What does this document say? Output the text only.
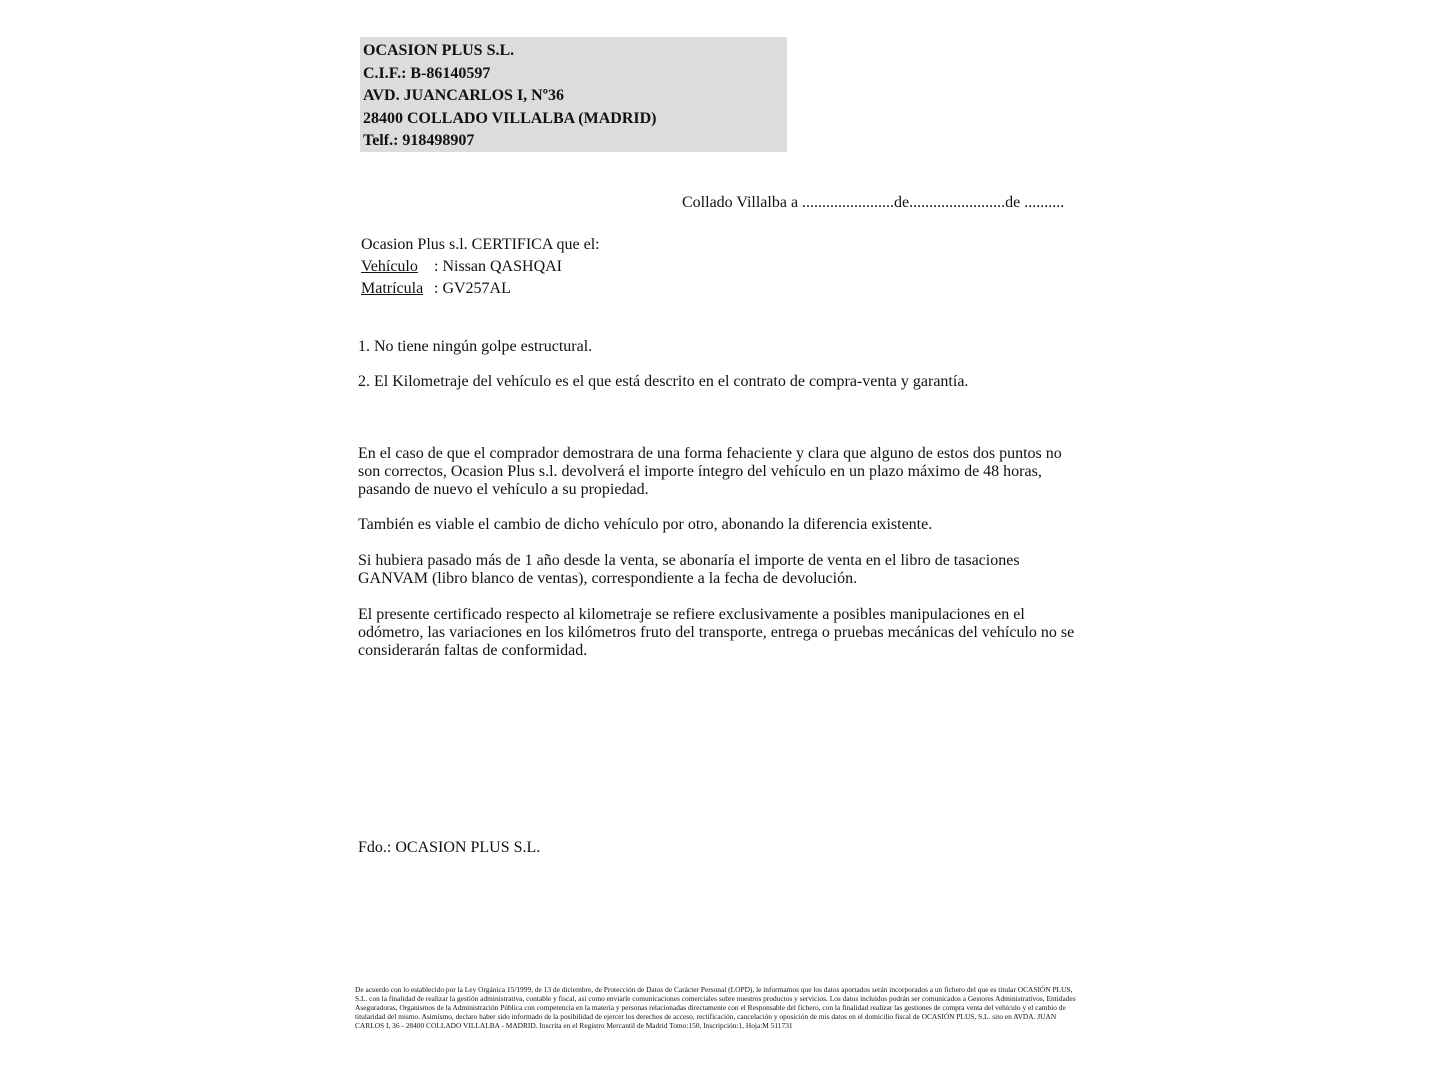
OCASION PLUS S.L.
C.I.F.: B-86140597
AVD. JUANCARLOS I, Nº36
28400 COLLADO VILLALBA (MADRID)
Telf.: 918498907
Collado Villalba a .......................de........................de ..........
Ocasion Plus s.l. CERTIFICA que el:
Vehículo : Nissan QASHQAI
Matrícula : GV257AL
1. No tiene ningún golpe estructural.
2. El Kilometraje del vehículo es el que está descrito en el contrato de compra-venta y garantía.
En el caso de que el comprador demostrara de una forma fehaciente y clara que alguno de estos dos puntos no son correctos, Ocasion Plus s.l. devolverá el importe íntegro del vehículo en un plazo máximo de 48 horas, pasando de nuevo el vehículo a su propiedad.
También es viable el cambio de dicho vehículo por otro, abonando la diferencia existente.
Si hubiera pasado más de 1 año desde la venta, se abonaría el importe de venta en el libro de tasaciones GANVAM (libro blanco de ventas), correspondiente a la fecha de devolución.
El presente certificado respecto al kilometraje se refiere exclusivamente a posibles manipulaciones en el odómetro, las variaciones en los kilómetros fruto del transporte, entrega o pruebas mecánicas del vehículo no se considerarán faltas de conformidad.
Fdo.: OCASION PLUS S.L.
De acuerdo con lo establecido por la Ley Orgánica 15/1999, de 13 de diciembre, de Protección de Datos de Carácter Personal (LOPD), le informamos que los datos aportados serán incorporados a un fichero del que es titular OCASIÓN PLUS, S.L. con la finalidad de realizar la gestión administrativa, contable y fiscal, así como enviarle comunicaciones comerciales sobre nuestros productos y servicios. Los datos incluidos podrán ser comunicados a Gestores Administrativos, Entidades Aseguradoras, Organismos de la Administración Pública con competencia en la materia y personas relacionadas directamente con el Responsable del fichero, con la finalidad realizar las gestiones de compra venta del vehículo y el cambio de titularidad del mismo. Asimismo, declaro haber sido informado de la posibilidad de ejercer los derechos de acceso, rectificación, cancelación y oposición de mis datos en el domicilio fiscal de OCASIÓN PLUS, S.L. sito en AVDA. JUAN CARLOS I, 36 - 28400 COLLADO VILLALBA - MADRID. Inscrita en el Registro Mercantil de Madrid Tomo:150, Inscripción:1, Hoja:M 511731
